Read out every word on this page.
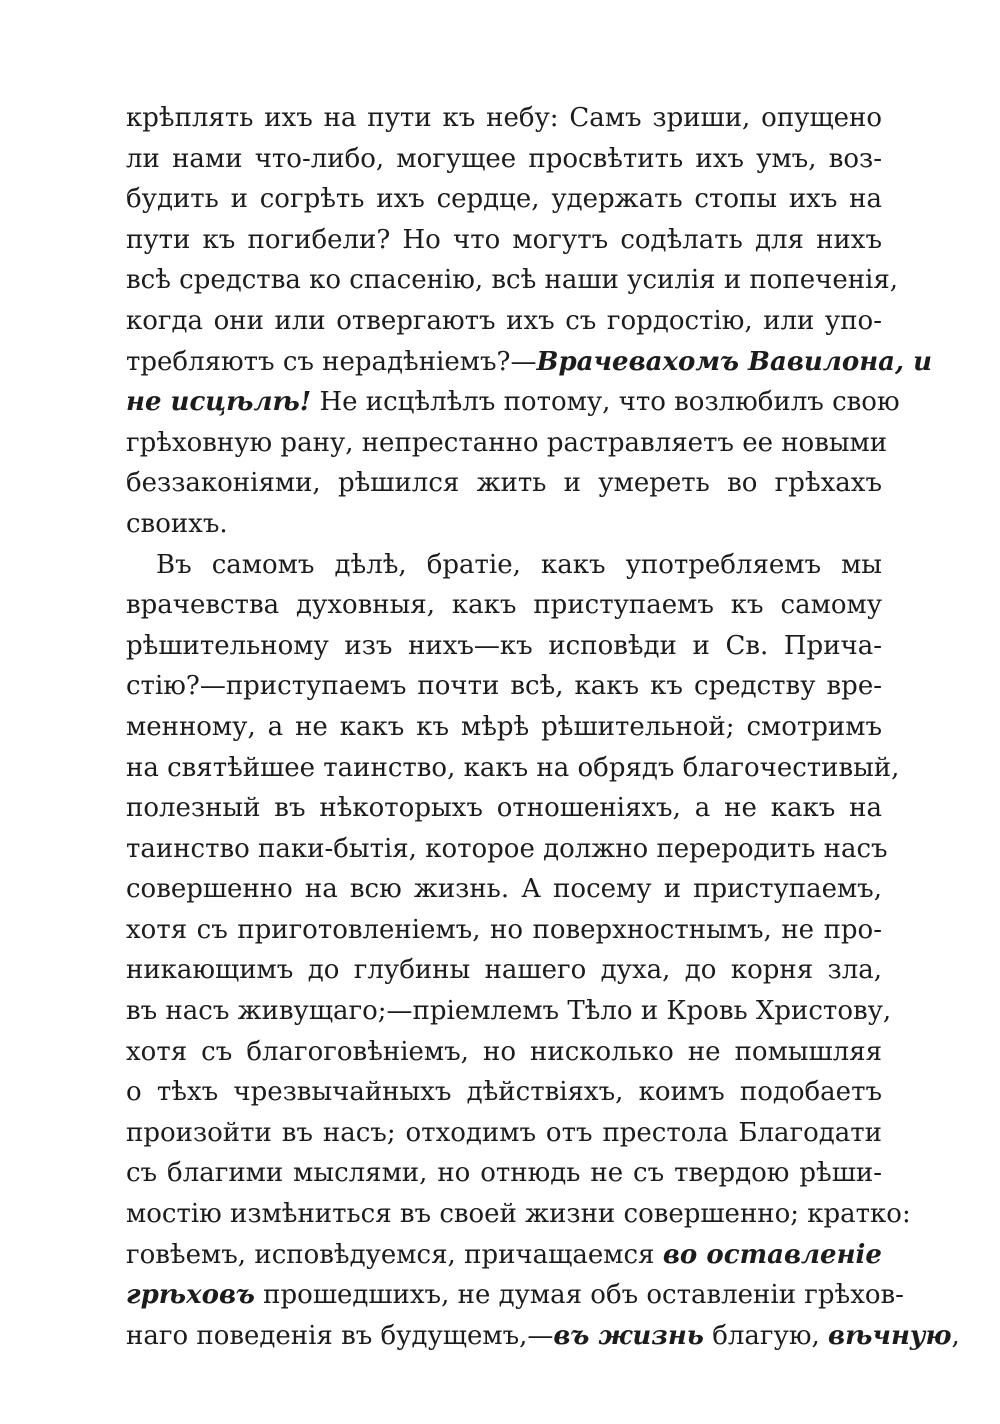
крѣплять ихъ на пути къ небу: Самъ зриши, опущено
ли нами что-либо, могущее просвѣтить ихъ умъ, воз-
будить и согрѣть ихъ сердце, удержать стопы ихъ на
пути къ погибели? Но что могутъ содѣлать для нихъ
всѣ средства ко спасенiю, всѣ наши усилiя и попеченiя,
когда они или отвергаютъ ихъ съ гордостiю, или упо-
требляютъ съ нерадѣнiемъ?—Врачевахомъ Вавилона, и
не исцѣлѣ! Не исцѣлѣлъ потому, что возлюбилъ свою
грѣховную рану, непрестанно растравляетъ ее новыми
беззаконiями, рѣшился жить и умереть во грѣхахъ
своихъ.
Въ самомъ дѣлѣ, братiе, какъ употребляемъ мы
врачевства духовныя, какъ приступаемъ къ самому
рѣшительному изъ нихъ—къ исповѣди и Св. Прича-
стiю?—приступаемъ почти всѣ, какъ къ средству вре-
менному, а не какъ къ мѣрѣ рѣшительной; смотримъ
на святѣйшее таинство, какъ на обрядъ благочестивый,
полезный въ нѣкоторыхъ отношенiяхъ, а не какъ на
таинство паки-бытiя, которое должно переродить насъ
совершенно на всю жизнь. А посему и приступаемъ,
хотя съ приготовленiемъ, но поверхностнымъ, не про-
никающимъ до глубины нашего духа, до корня зла,
въ насъ живущаго;—прiемлемъ Тѣло и Кровь Христову,
хотя съ благоговѣнiемъ, но нисколько не помышляя
о тѣхъ чрезвычайныхъ дѣйствiяхъ, коимъ подобаетъ
произойти въ насъ; отходимъ отъ престола Благодати
съ благими мыслями, но отнюдь не съ твердою рѣши-
мостiю измѣниться въ своей жизни совершенно; кратко:
говѣемъ, исповѣдуемся, причащаемся во оставленiе
грѣховъ прошедшихъ, не думая объ оставленiи грѣхов-
наго поведенiя въ будущемъ,—въ жизнь благую, вѣчную,
